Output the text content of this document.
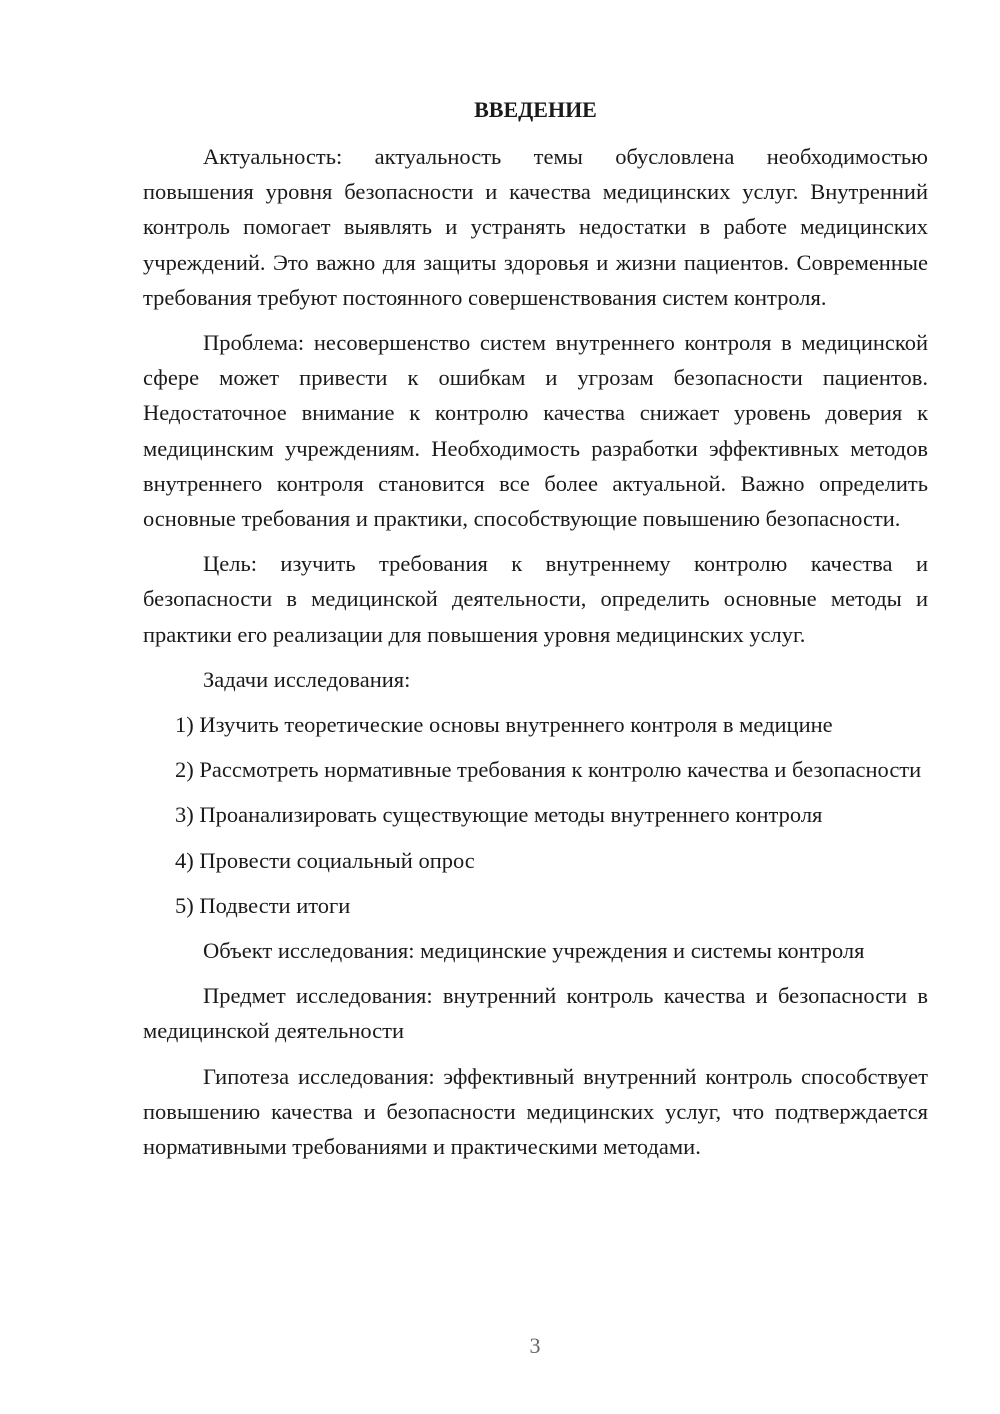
ВВЕДЕНИЕ

Актуальность: актуальность темы обусловлена необходимостью повышения уровня безопасности и качества медицинских услуг. Внутренний контроль помогает выявлять и устранять недостатки в работе медицинских учреждений. Это важно для защиты здоровья и жизни пациентов. Современные требования требуют постоянного совершенствования систем контроля.

Проблема: несовершенство систем внутреннего контроля в медицинской сфере может привести к ошибкам и угрозам безопасности пациентов. Недостаточное внимание к контролю качества снижает уровень доверия к медицинским учреждениям. Необходимость разработки эффективных методов внутреннего контроля становится все более актуальной. Важно определить основные требования и практики, способствующие повышению безопасности.

Цель: изучить требования к внутреннему контролю качества и безопасности в медицинской деятельности, определить основные методы и практики его реализации для повышения уровня медицинских услуг.

Задачи исследования:

1) Изучить теоретические основы внутреннего контроля в медицине

2) Рассмотреть нормативные требования к контролю качества и безопасности

3) Проанализировать существующие методы внутреннего контроля

4) Провести социальный опрос

5) Подвести итоги

Объект исследования: медицинские учреждения и системы контроля

Предмет исследования: внутренний контроль качества и безопасности в медицинской деятельности

Гипотеза исследования: эффективный внутренний контроль способствует повышению качества и безопасности медицинских услуг, что подтверждается нормативными требованиями и практическими методами.

3
